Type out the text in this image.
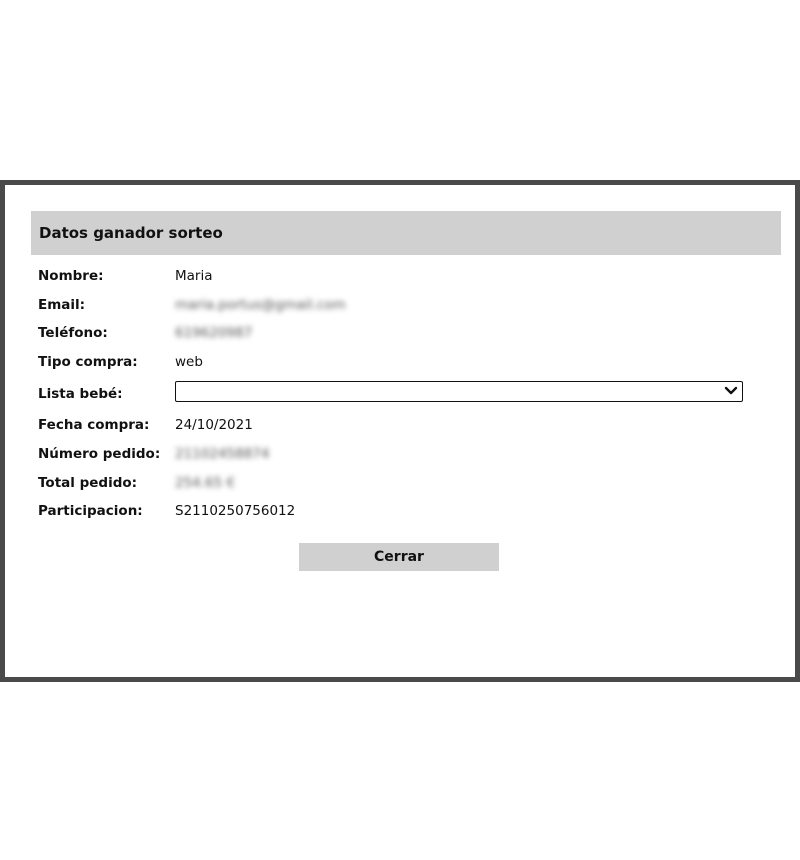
Datos ganador sorteo
Nombre:	Maria
Email:	maria.portus@gmail.com
Teléfono:	619620987
Tipo compra:	web
Lista bebé:
Fecha compra: 24/10/2021
Número pedido: 21102458874
Total pedido:	254.65 €
Participacion: S2110250756012
Cerrar
